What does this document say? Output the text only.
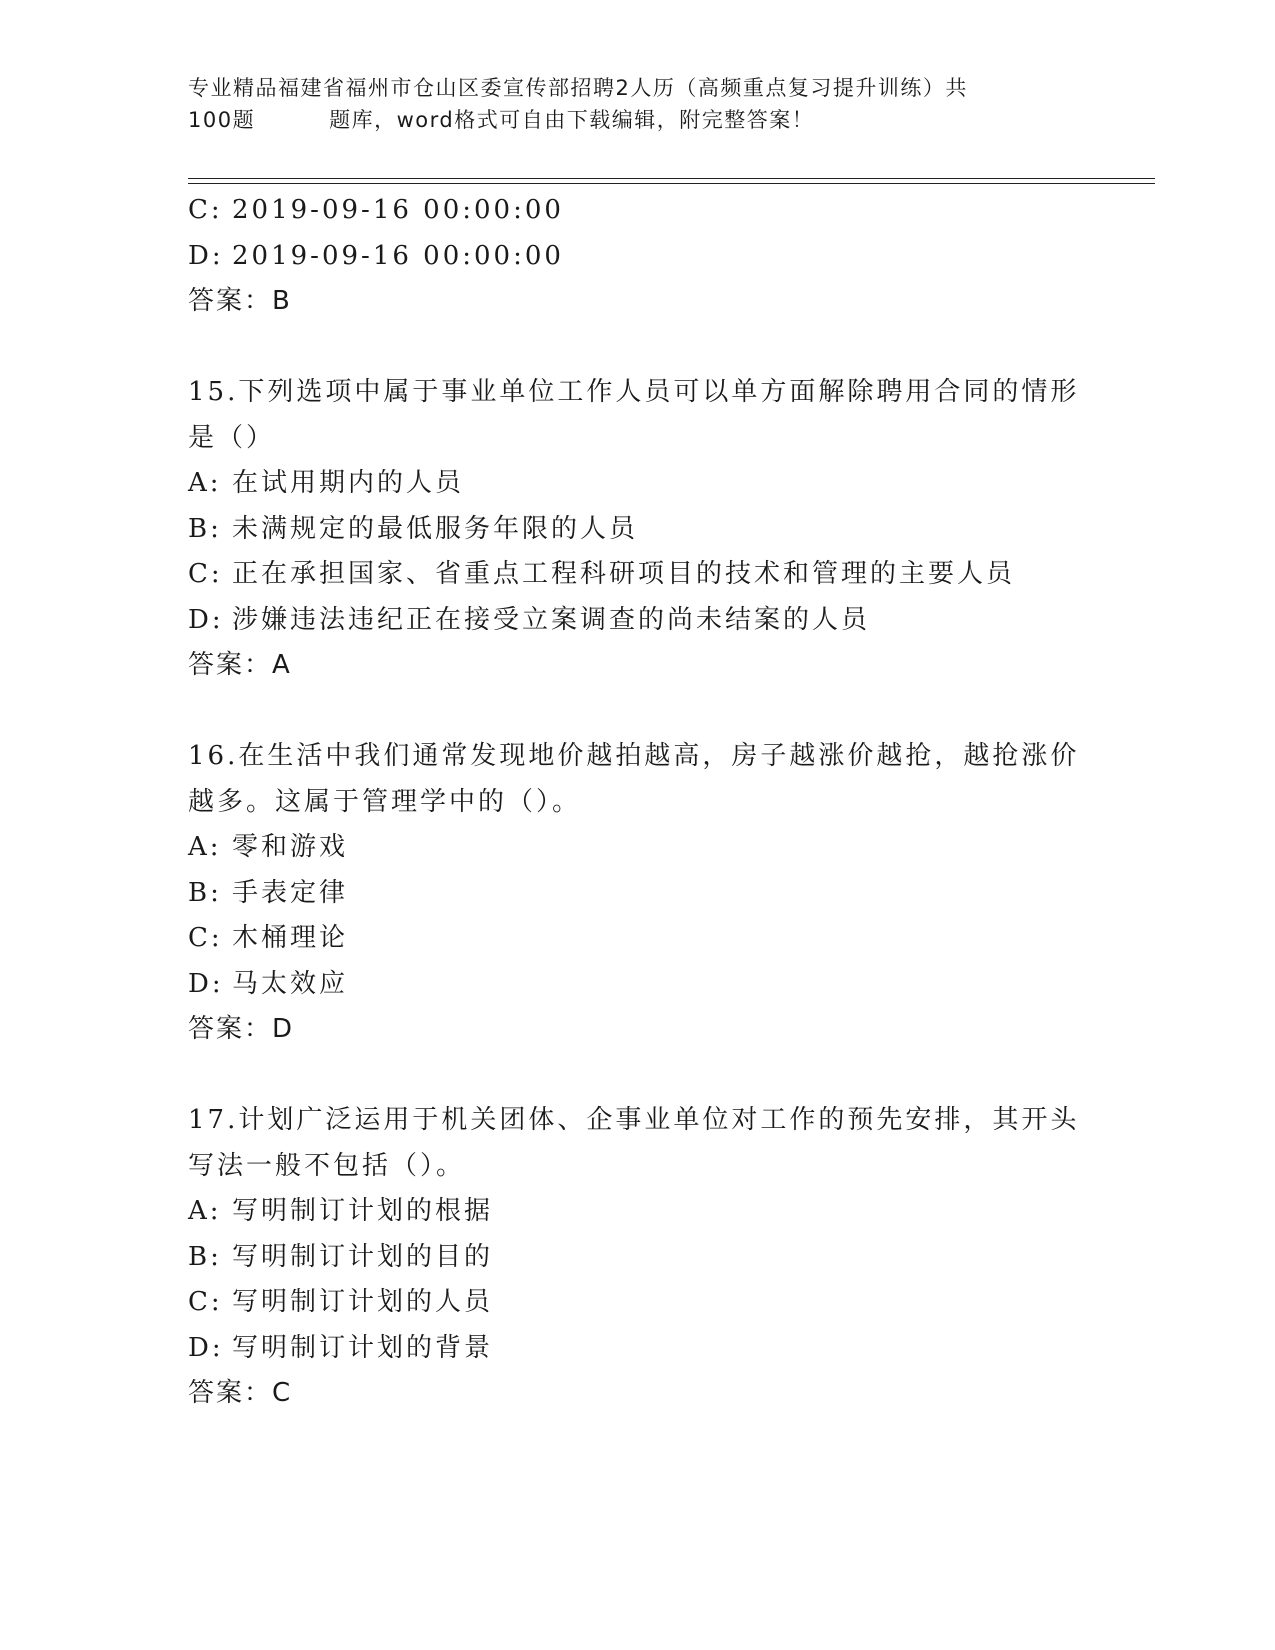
专业精品福建省福州市仓山区委宣传部招聘2人历（高频重点复习提升训练）共
100题	题库，word格式可自由下载编辑，附完整答案！
C: 2019-09-16 00:00:00
D: 2019-09-16 00:00:00
答案：B
15.下列选项中属于事业单位工作人员可以单方面解除聘用合同的情形
是（）
A: 在试用期内的人员
B: 未满规定的最低服务年限的人员
C: 正在承担国家、省重点工程科研项目的技术和管理的主要人员
D: 涉嫌违法违纪正在接受立案调查的尚未结案的人员
答案：A
16.在生活中我们通常发现地价越拍越高，房子越涨价越抢，越抢涨价
越多。这属于管理学中的（）。
A: 零和游戏
B: 手表定律
C: 木桶理论
D: 马太效应
答案：D
17.计划广泛运用于机关团体、企事业单位对工作的预先安排，其开头
写法一般不包括（）。
A: 写明制订计划的根据
B: 写明制订计划的目的
C: 写明制订计划的人员
D: 写明制订计划的背景
答案：C
